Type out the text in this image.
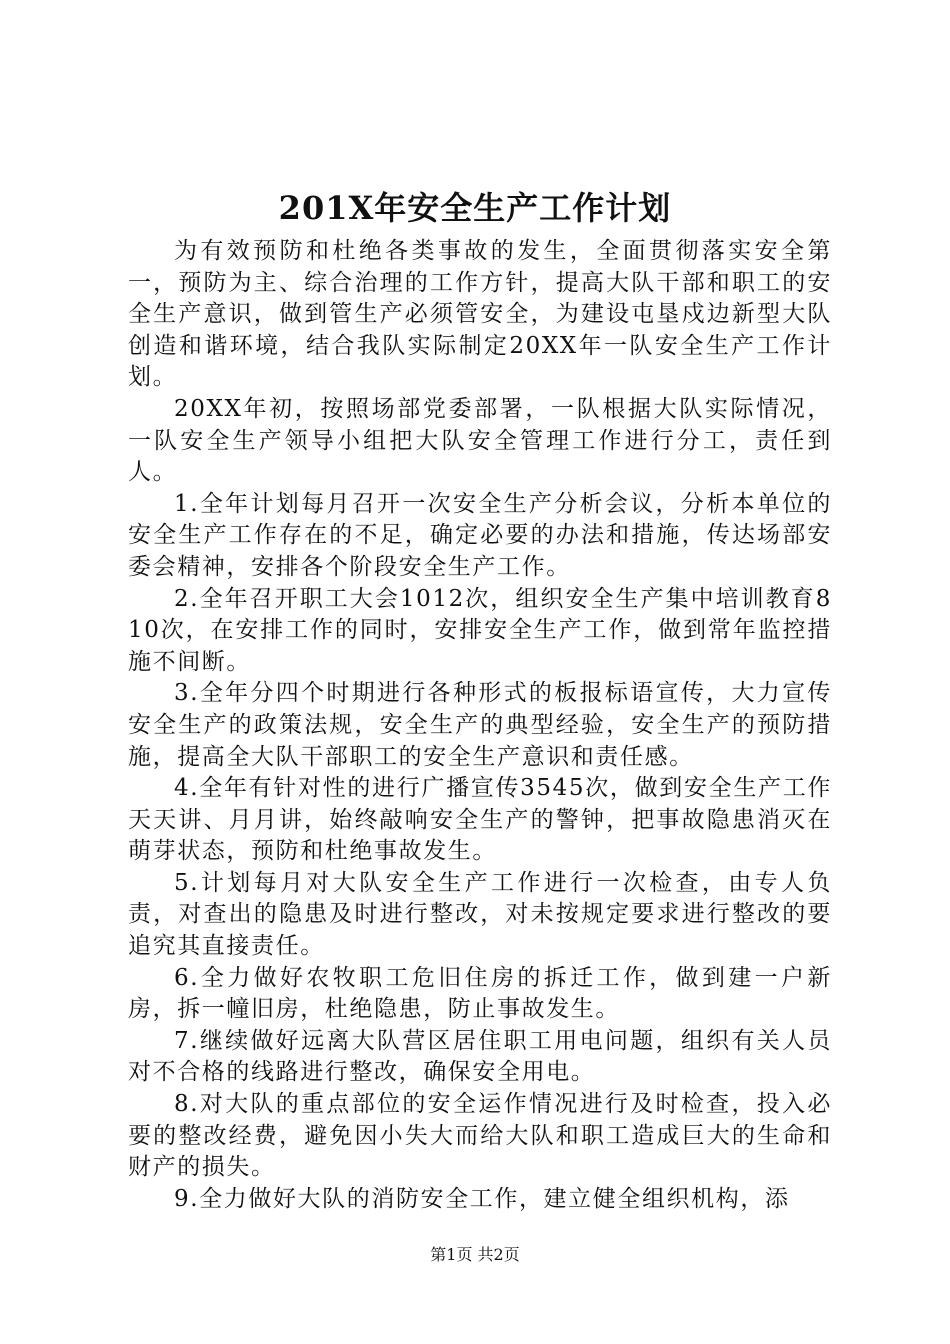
201X年安全生产工作计划

为有效预防和杜绝各类事故的发生，全面贯彻落实安全第一，预防为主、综合治理的工作方针，提高大队干部和职工的安全生产意识，做到管生产必须管安全，为建设屯垦戍边新型大队创造和谐环境，结合我队实际制定20XX年一队安全生产工作计划。

20XX年初，按照场部党委部署，一队根据大队实际情况，一队安全生产领导小组把大队安全管理工作进行分工，责任到人。

1.全年计划每月召开一次安全生产分析会议，分析本单位的安全生产工作存在的不足，确定必要的办法和措施，传达场部安委会精神，安排各个阶段安全生产工作。

2.全年召开职工大会1012次，组织安全生产集中培训教育810次，在安排工作的同时，安排安全生产工作，做到常年监控措施不间断。

3.全年分四个时期进行各种形式的板报标语宣传，大力宣传安全生产的政策法规，安全生产的典型经验，安全生产的预防措施，提高全大队干部职工的安全生产意识和责任感。

4.全年有针对性的进行广播宣传3545次，做到安全生产工作天天讲、月月讲，始终敲响安全生产的警钟，把事故隐患消灭在萌芽状态，预防和杜绝事故发生。

5.计划每月对大队安全生产工作进行一次检查，由专人负责，对查出的隐患及时进行整改，对未按规定要求进行整改的要追究其直接责任。

6.全力做好农牧职工危旧住房的拆迁工作，做到建一户新房，拆一幢旧房，杜绝隐患，防止事故发生。

7.继续做好远离大队营区居住职工用电问题，组织有关人员对不合格的线路进行整改，确保安全用电。

8.对大队的重点部位的安全运作情况进行及时检查，投入必要的整改经费，避免因小失大而给大队和职工造成巨大的生命和财产的损失。

9.全力做好大队的消防安全工作，建立健全组织机构，添

第1页 共2页
